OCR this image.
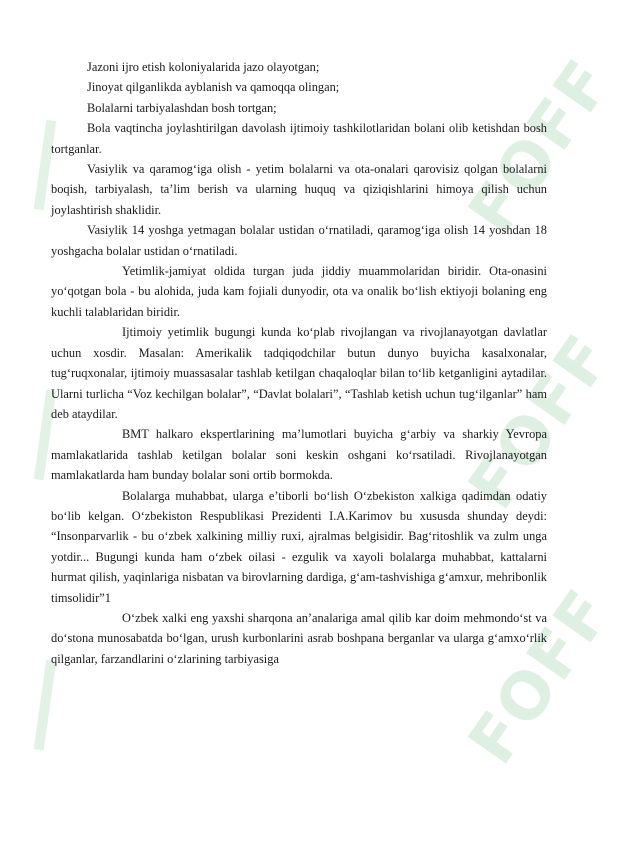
FOFF
FOFF
FOFF

Jazoni ijro etish koloniyalarida jazo olayotgan;

Jinoyat qilganlikda ayblanish va qamoqqa olingan;

Bolalarni tarbiyalashdan bosh tortgan;

Bola vaqtincha joylashtirilgan davolash ijtimoiy tashkilotlaridan bolani olib ketishdan bosh tortganlar.

Vasiylik va qaramog‘iga olish - yetim bolalarni va ota-onalari qarovisiz qolgan bolalarni boqish, tarbiyalash, ta’lim berish va ularning huquq va qiziqishlarini himoya qilish uchun joylashtirish shaklidir.

Vasiylik 14 yoshga yetmagan bolalar ustidan o‘rnatiladi, qaramog‘iga olish 14 yoshdan 18 yoshgacha bolalar ustidan o‘rnatiladi.

Yetimlik-jamiyat oldida turgan juda jiddiy muammolaridan biridir. Ota-onasini yo‘qotgan bola - bu alohida, juda kam fojiali dunyodir, ota va onalik bo‘lish ektiyoji bolaning eng kuchli talablaridan biridir.

Ijtimoiy yetimlik bugungi kunda ko‘plab rivojlangan va rivojlanayotgan davlatlar uchun xosdir. Masalan: Amerikalik tadqiqodchilar butun dunyo buyicha kasalxonalar, tug‘ruqxonalar, ijtimoiy muassasalar tashlab ketilgan chaqaloqlar bilan to‘lib ketganligini aytadilar. Ularni turlicha “Voz kechilgan bolalar”, “Davlat bolalari”, “Tashlab ketish uchun tug‘ilganlar” ham deb ataydilar.

BMT halkaro ekspertlarining ma’lumotlari buyicha g‘arbiy va sharkiy Yevropa mamlakatlarida tashlab ketilgan bolalar soni keskin oshgani ko‘rsatiladi. Rivojlanayotgan mamlakatlarda ham bunday bolalar soni ortib bormokda.

Bolalarga muhabbat, ularga e’tiborli bo‘lish O‘zbekiston xalkiga qadimdan odatiy bo‘lib kelgan. O‘zbekiston Respublikasi Prezidenti I.A.Karimov bu xususda shunday deydi: “Insonparvarlik - bu o‘zbek xalkining milliy ruxi, ajralmas belgisidir. Bag‘ritoshlik va zulm unga yotdir... Bugungi kunda ham o‘zbek oilasi - ezgulik va xayoli bolalarga muhabbat, kattalarni hurmat qilish, yaqinlariga nisbatan va birovlarning dardiga, g‘am-tashvishiga g‘amxur, mehribonlik timsolidir”1

O‘zbek xalki eng yaxshi sharqona an’analariga amal qilib kar doim mehmondo‘st va do‘stona munosabatda bo‘lgan, urush kurbonlarini asrab boshpana berganlar va ularga g‘amxo‘rlik qilganlar, farzandlarini o‘zlarining tarbiyasiga
